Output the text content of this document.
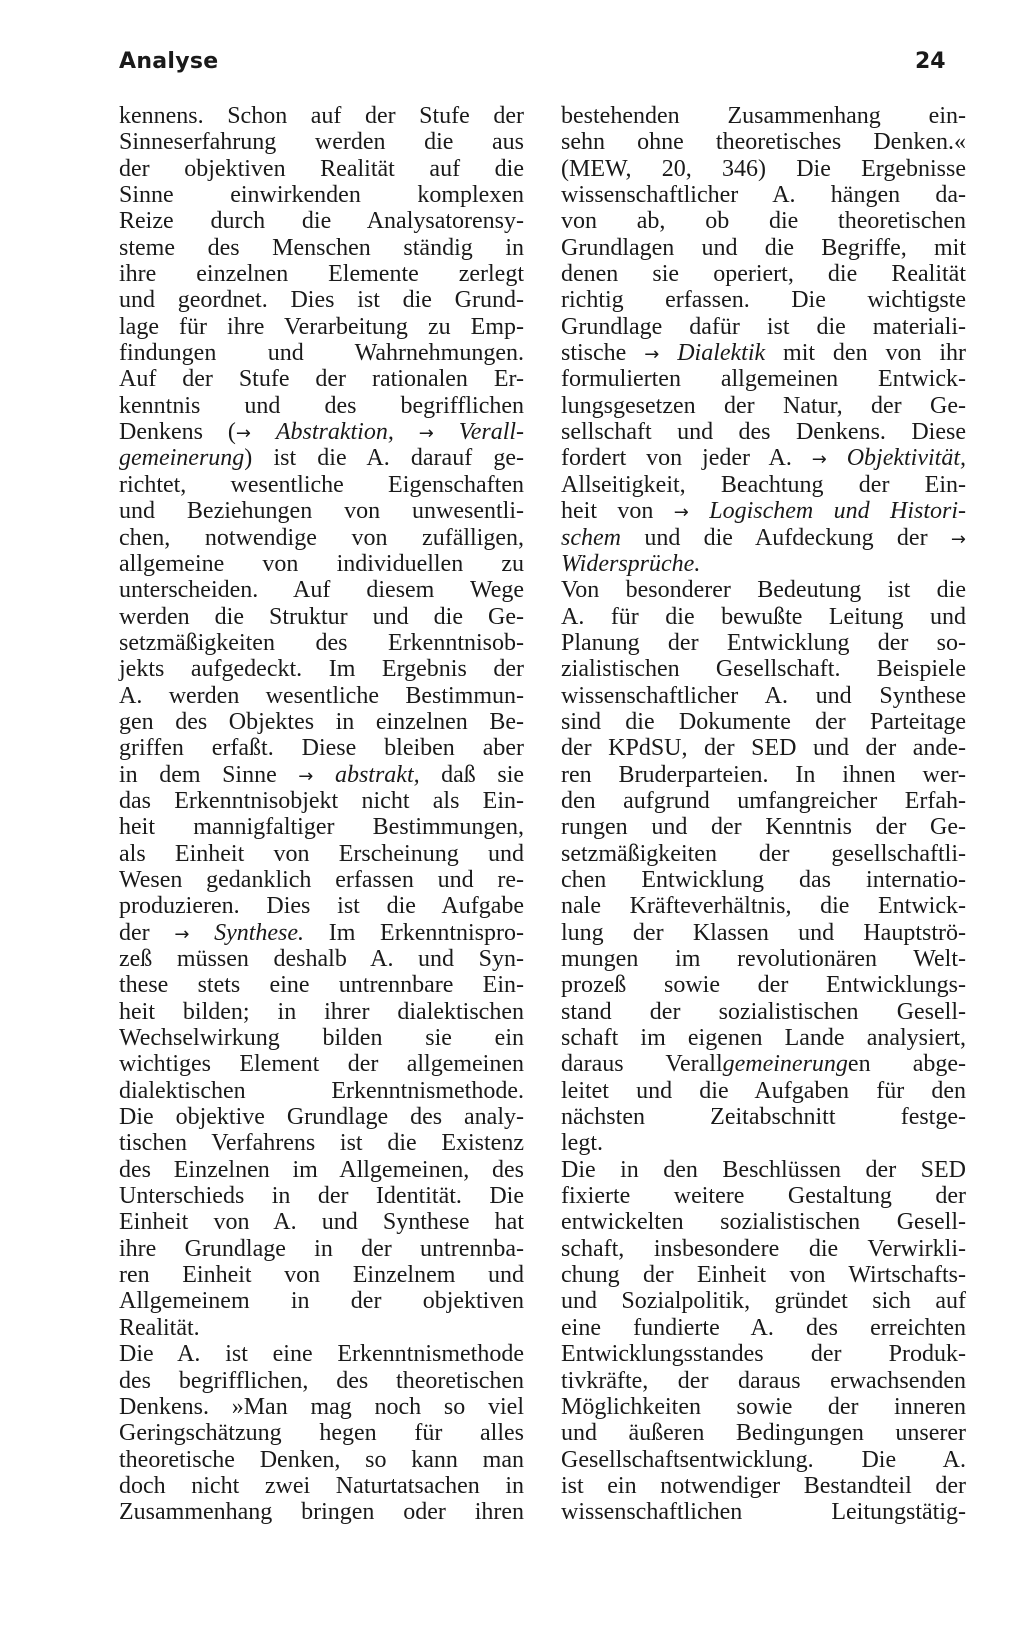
Analyse	24
kennens. Schon auf der Stufe der
Sinneserfahrung werden die aus
der objektiven Realität auf die
Sinne einwirkenden komplexen
Reize durch die Analysatorensy-
steme des Menschen ständig in
ihre einzelnen Elemente zerlegt
und geordnet. Dies ist die Grund-
lage für ihre Verarbeitung zu Emp-
findungen und Wahrnehmungen.
Auf der Stufe der rationalen Er-
kenntnis und des begrifflichen
Denkens (→ Abstraktion, → Verall-
gemeinerung) ist die A. darauf ge-
richtet, wesentliche Eigenschaften
und Beziehungen von unwesentli-
chen, notwendige von zufälligen,
allgemeine von individuellen zu
unterscheiden. Auf diesem Wege
werden die Struktur und die Ge-
setzmäßigkeiten des Erkenntnisob-
jekts aufgedeckt. Im Ergebnis der
A. werden wesentliche Bestimmun-
gen des Objektes in einzelnen Be-
griffen erfaßt. Diese bleiben aber
in dem Sinne → abstrakt, daß sie
das Erkenntnisobjekt nicht als Ein-
heit mannigfaltiger Bestimmungen,
als Einheit von Erscheinung und
Wesen gedanklich erfassen und re-
produzieren. Dies ist die Aufgabe
der → Synthese. Im Erkenntnispro-
zeß müssen deshalb A. und Syn-
these stets eine untrennbare Ein-
heit bilden; in ihrer dialektischen
Wechselwirkung bilden sie ein
wichtiges Element der allgemeinen
dialektischen Erkenntnismethode.
Die objektive Grundlage des analy-
tischen Verfahrens ist die Existenz
des Einzelnen im Allgemeinen, des
Unterschieds in der Identität. Die
Einheit von A. und Synthese hat
ihre Grundlage in der untrennba-
ren Einheit von Einzelnem und
Allgemeinem in der objektiven
Realität.
Die A. ist eine Erkenntnismethode
des begrifflichen, des theoretischen
Denkens. »Man mag noch so viel
Geringschätzung hegen für alles
theoretische Denken, so kann man
doch nicht zwei Naturtatsachen in
Zusammenhang bringen oder ihren
bestehenden Zusammenhang ein-
sehn ohne theoretisches Denken.«
(MEW, 20, 346) Die Ergebnisse
wissenschaftlicher A. hängen da-
von ab, ob die theoretischen
Grundlagen und die Begriffe, mit
denen sie operiert, die Realität
richtig erfassen. Die wichtigste
Grundlage dafür ist die materiali-
stische → Dialektik mit den von ihr
formulierten allgemeinen Entwick-
lungsgesetzen der Natur, der Ge-
sellschaft und des Denkens. Diese
fordert von jeder A. → Objektivität,
Allseitigkeit, Beachtung der Ein-
heit von → Logischem und Histori-
schem und die Aufdeckung der →
Widersprüche.
Von besonderer Bedeutung ist die
A. für die bewußte Leitung und
Planung der Entwicklung der so-
zialistischen Gesellschaft. Beispiele
wissenschaftlicher A. und Synthese
sind die Dokumente der Parteitage
der KPdSU, der SED und der ande-
ren Bruderparteien. In ihnen wer-
den aufgrund umfangreicher Erfah-
rungen und der Kenntnis der Ge-
setzmäßigkeiten der gesellschaftli-
chen Entwicklung das internatio-
nale Kräfteverhältnis, die Entwick-
lung der Klassen und Hauptströ-
mungen im revolutionären Welt-
prozeß sowie der Entwicklungs-
stand der sozialistischen Gesell-
schaft im eigenen Lande analysiert,
daraus Verallgemeinerungen abge-
leitet und die Aufgaben für den
nächsten Zeitabschnitt festge-
legt.
Die in den Beschlüssen der SED
fixierte weitere Gestaltung der
entwickelten sozialistischen Gesell-
schaft, insbesondere die Verwirkli-
chung der Einheit von Wirtschafts-
und Sozialpolitik, gründet sich auf
eine fundierte A. des erreichten
Entwicklungsstandes der Produk-
tivkräfte, der daraus erwachsenden
Möglichkeiten sowie der inneren
und äußeren Bedingungen unserer
Gesellschaftsentwicklung. Die A.
ist ein notwendiger Bestandteil der
wissenschaftlichen Leitungstätig-
